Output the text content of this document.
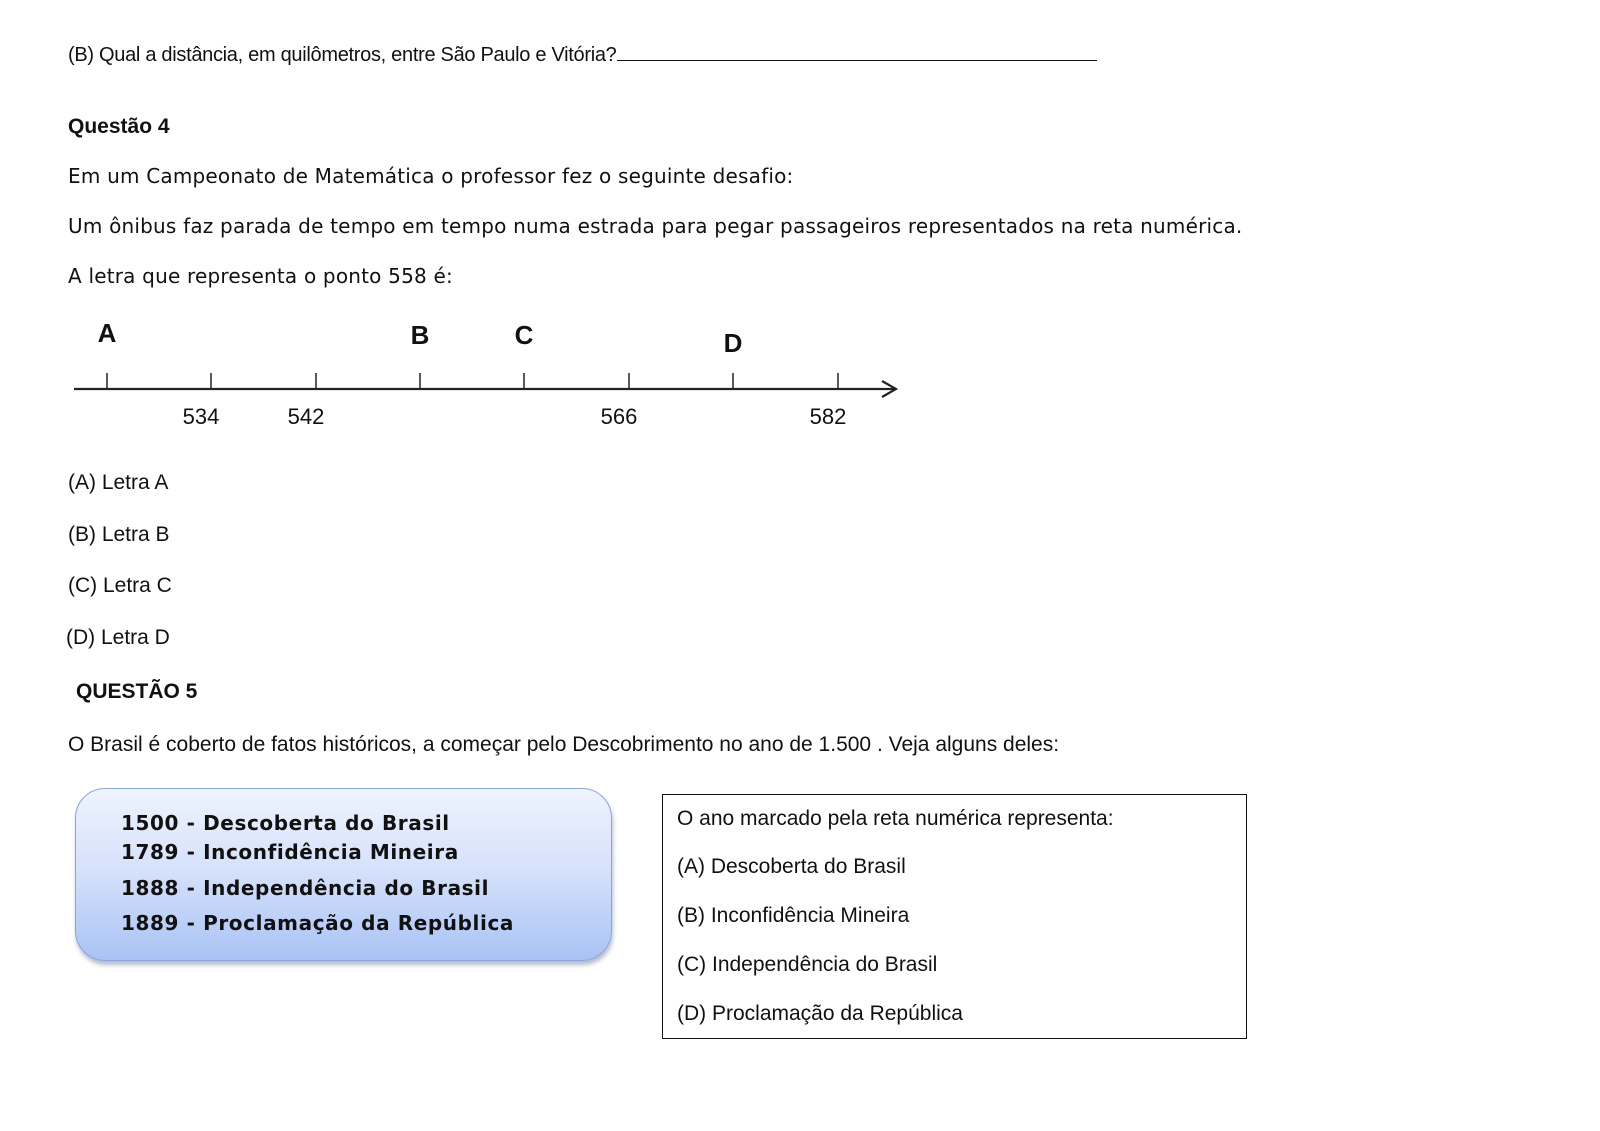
(B) Qual a distância, em quilômetros, entre São Paulo e Vitória?
Questão 4
Em um Campeonato de Matemática o professor fez o seguinte desafio:
Um ônibus faz parada de tempo em tempo numa estrada para pegar passageiros representados na reta numérica.
A letra que representa o ponto 558 é:
A	B	C	D
534	542	566	582
(A) Letra A
(B) Letra B
(C) Letra C
(D) Letra D
QUESTÃO 5
O Brasil é coberto de fatos históricos, a começar pelo Descobrimento no ano de 1.500 . Veja alguns deles:
1500 - Descoberta do Brasil
1789 - Inconfidência Mineira
1888 - Independência do Brasil
1889 - Proclamação da República
O ano marcado pela reta numérica representa:
(A) Descoberta do Brasil
(B) Inconfidência Mineira
(C) Independência do Brasil
(D) Proclamação da República
